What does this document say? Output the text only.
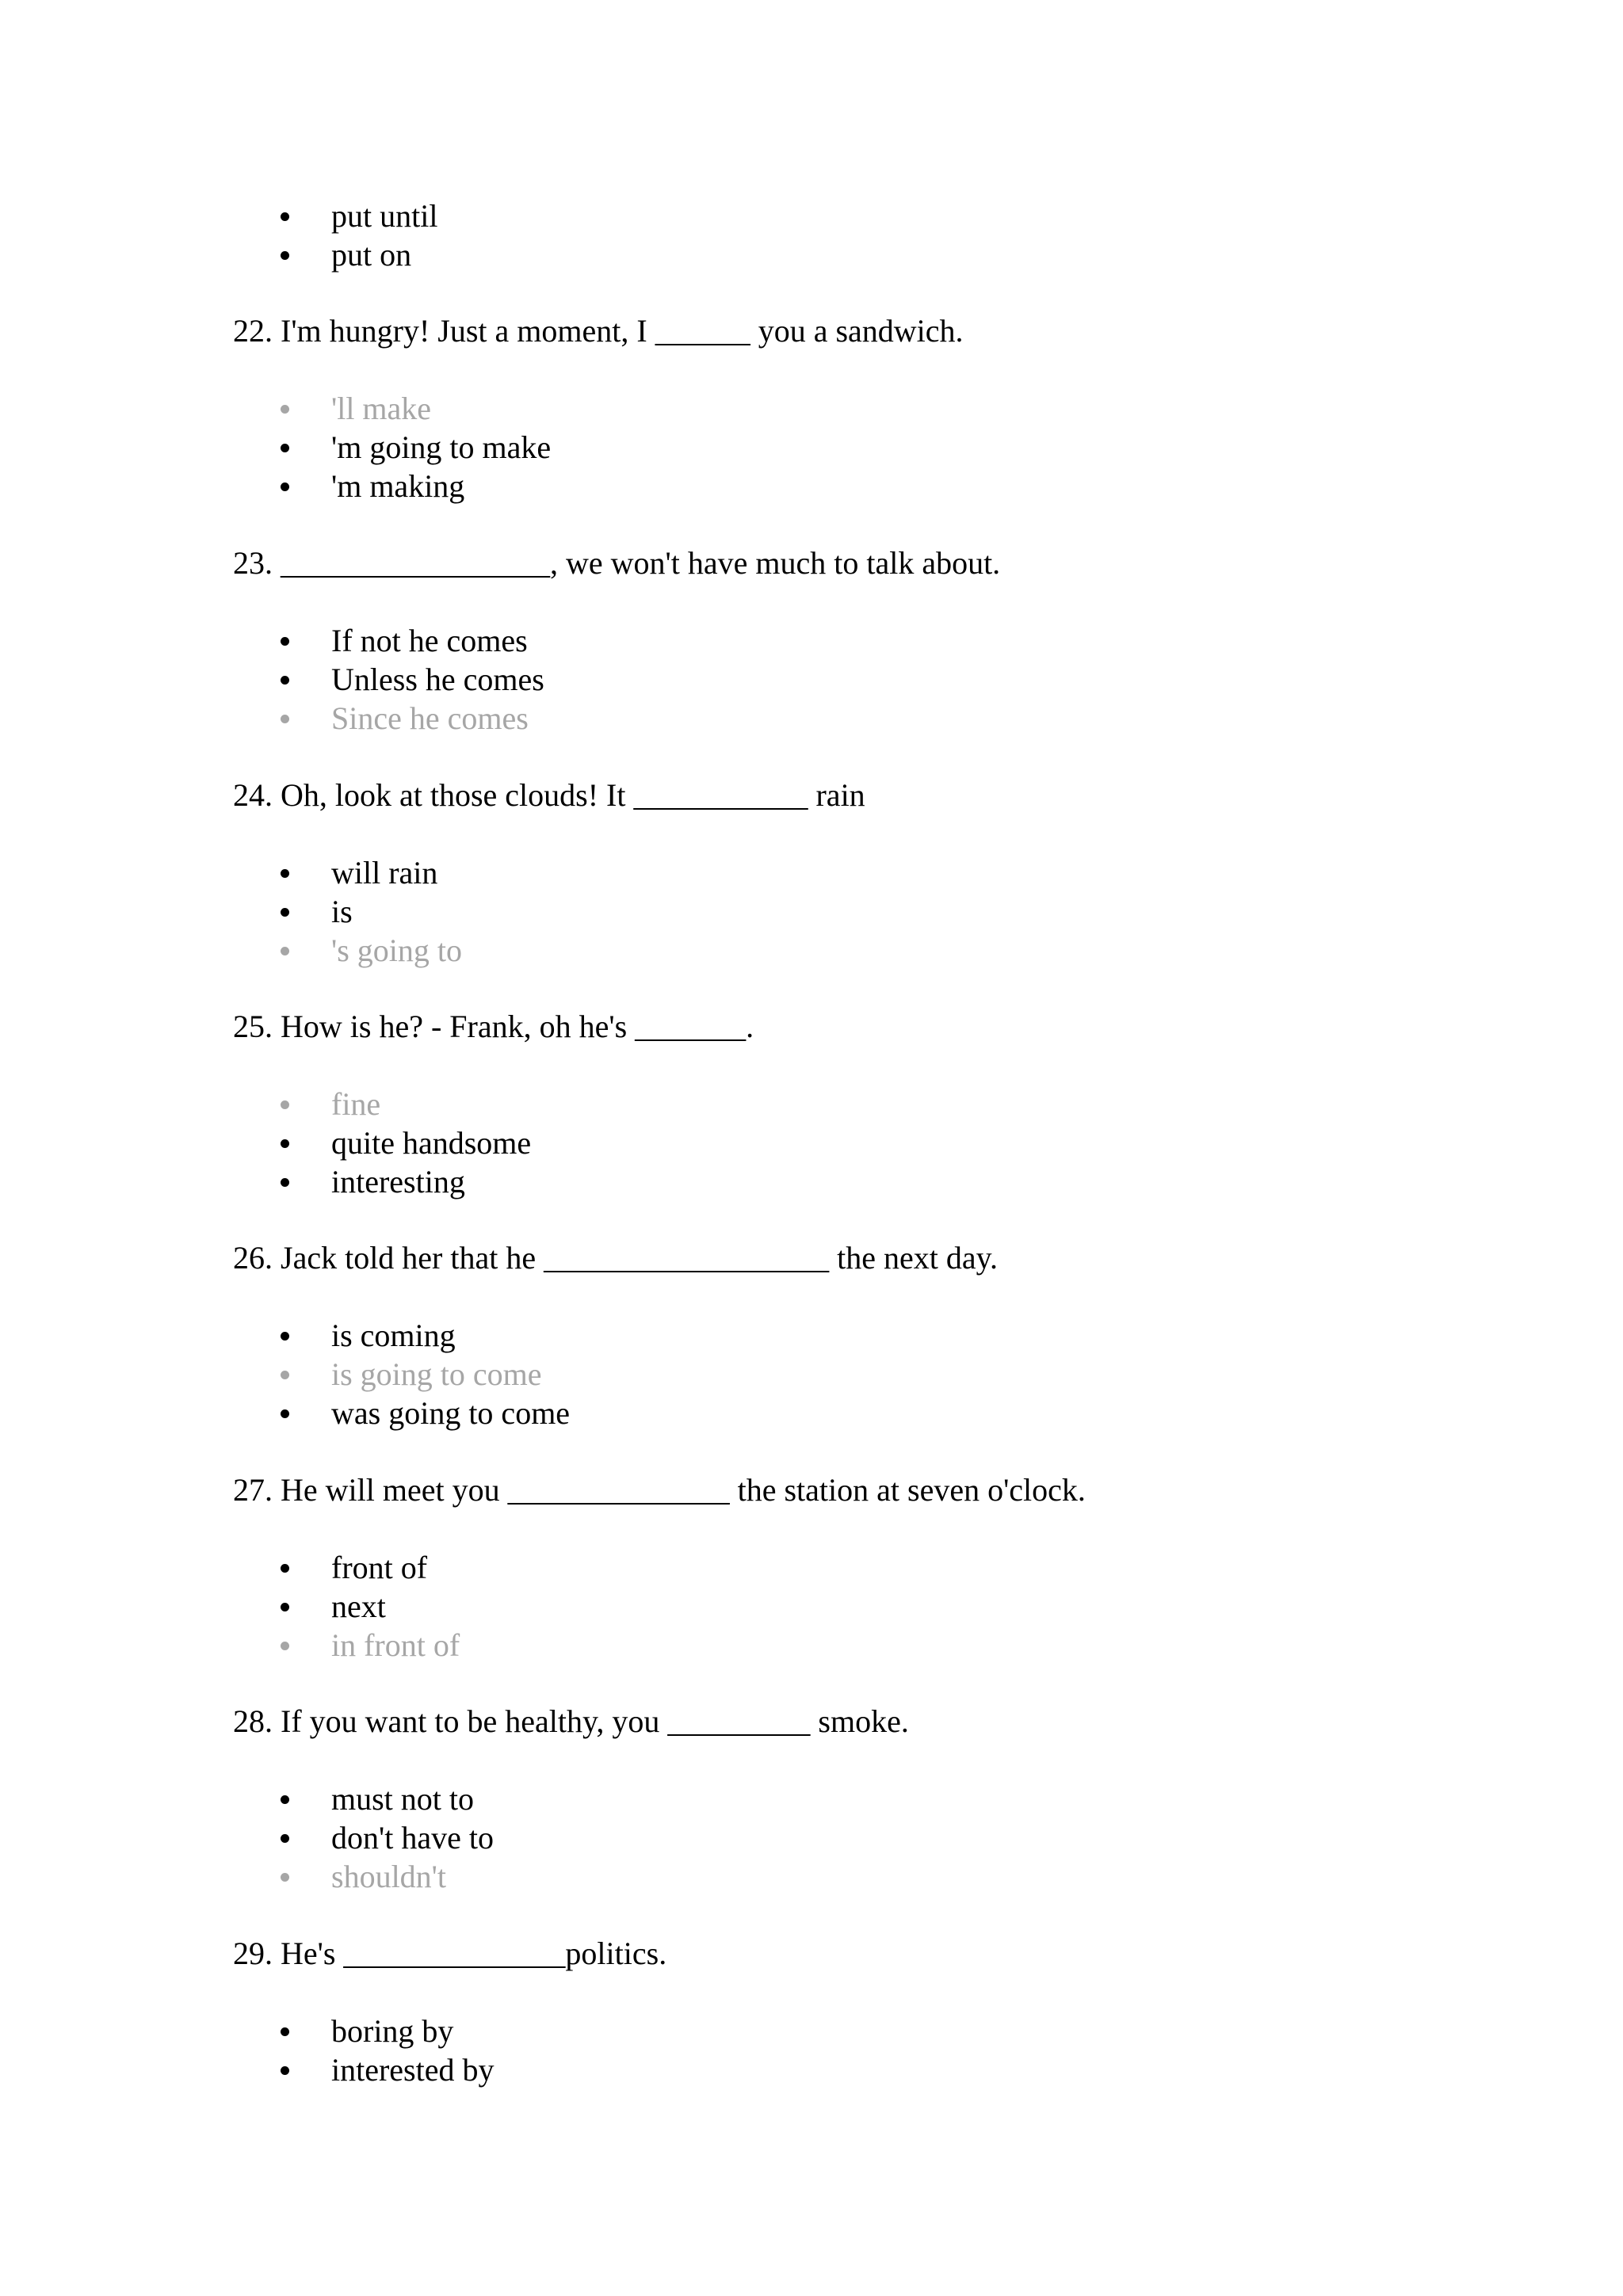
put until
put on
22. I'm hungry! Just a moment, I ______ you a sandwich.
'll make
'm going to make
'm making
23. _________________, we won't have much to talk about.
If not he comes
Unless he comes
Since he comes
24. Oh, look at those clouds! It ___________ rain
will rain
is
's going to
25. How is he? - Frank, oh he's _______.
fine
quite handsome
interesting
26. Jack told her that he __________________ the next day.
is coming
is going to come
was going to come
27. He will meet you ______________ the station at seven o'clock.
front of
next
in front of
28. If you want to be healthy, you _________ smoke.
must not to
don't have to
shouldn't
29. He's ______________politics.
boring by
interested by
